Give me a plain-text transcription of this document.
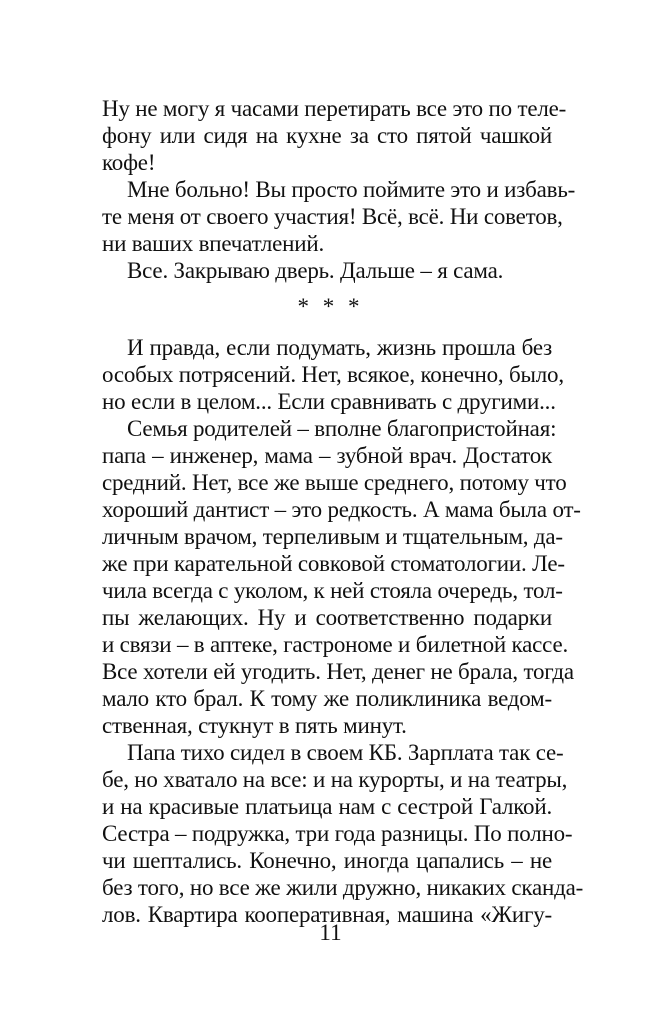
Ну не могу я часами перетирать все это по теле-
фону или сидя на кухне за сто пятой чашкой
кофе!
Мне больно! Вы просто поймите это и избавь-
те меня от своего участия! Всё, всё. Ни советов,
ни ваших впечатлений.
Все. Закрываю дверь. Дальше – я сама.
* * *
И правда, если подумать, жизнь прошла без
особых потрясений. Нет, всякое, конечно, было,
но если в целом... Если сравнивать с другими...
Семья родителей – вполне благопристойная:
папа – инженер, мама – зубной врач. Достаток
средний. Нет, все же выше среднего, потому что
хороший дантист – это редкость. А мама была от-
личным врачом, терпеливым и тщательным, да-
же при карательной совковой стоматологии. Ле-
чила всегда с уколом, к ней стояла очередь, тол-
пы желающих. Ну и соответственно подарки
и связи – в аптеке, гастрономе и билетной кассе.
Все хотели ей угодить. Нет, денег не брала, тогда
мало кто брал. К тому же поликлиника ведом-
ственная, стукнут в пять минут.
Папа тихо сидел в своем КБ. Зарплата так се-
бе, но хватало на все: и на курорты, и на театры,
и на красивые платьица нам с сестрой Галкой.
Сестра – подружка, три года разницы. По полно-
чи шептались. Конечно, иногда цапались – не
без того, но все же жили дружно, никаких сканда-
лов. Квартира кооперативная, машина «Жигу-
11
